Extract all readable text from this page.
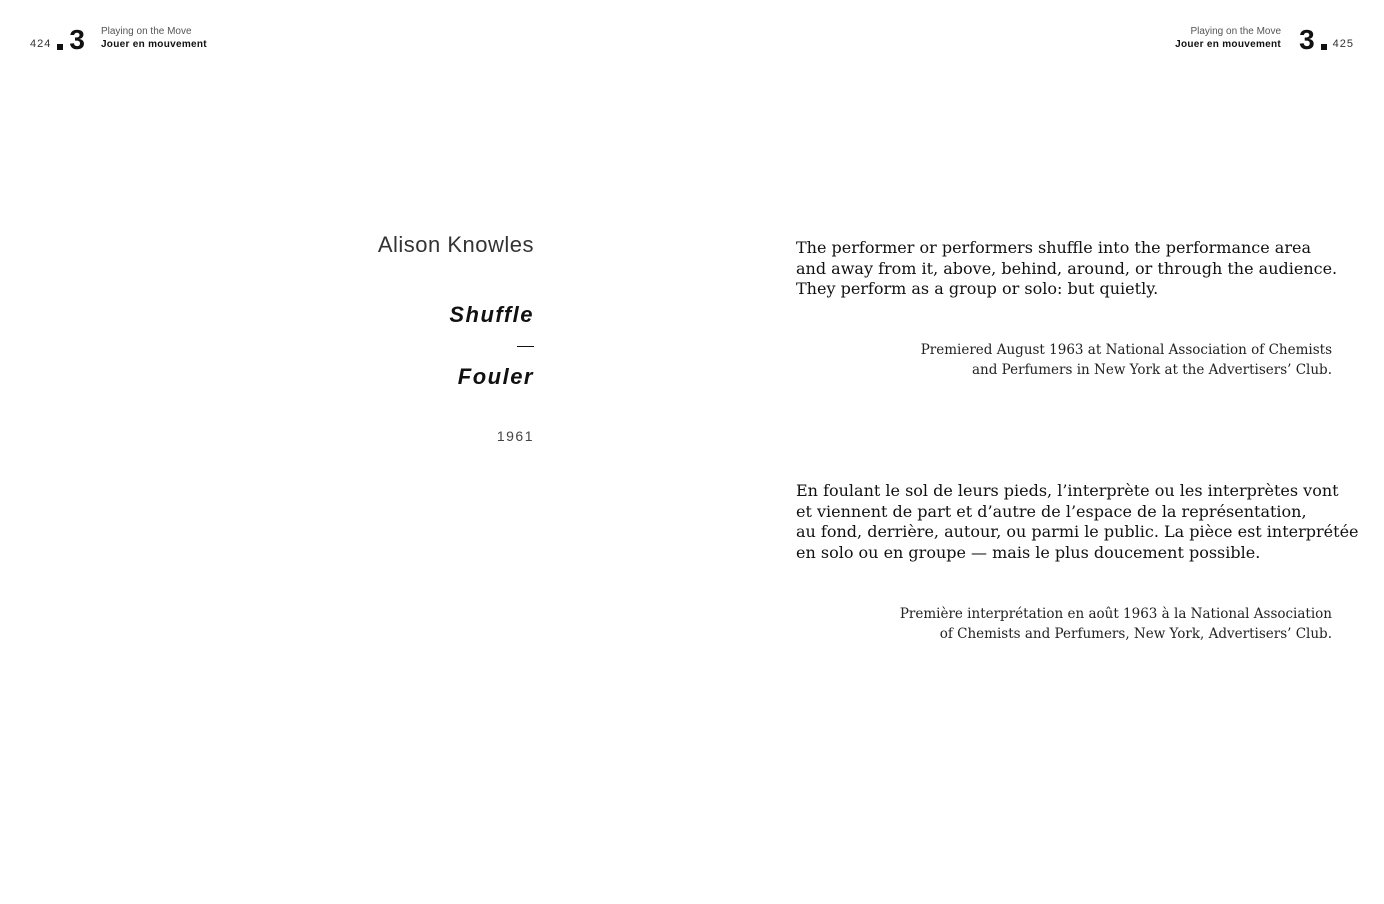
424 3 Playing on the Move
Jouer en mouvement
Playing on the Move
Jouer en mouvement 3 425
Alison Knowles
Shuffle
Fouler
1961

The performer or performers shuffle into the performance area
and away from it, above, behind, around, or through the audience.
They perform as a group or solo: but quietly.

Premiered August 1963 at National Association of Chemists
and Perfumers in New York at the Advertisers’ Club.

En foulant le sol de leurs pieds, l’interprète ou les interprètes vont
et viennent de part et d’autre de l’espace de la représentation,
au fond, derrière, autour, ou parmi le public. La pièce est interprétée
en solo ou en groupe — mais le plus doucement possible.

Première interprétation en août 1963 à la National Association
of Chemists and Perfumers, New York, Advertisers’ Club.
